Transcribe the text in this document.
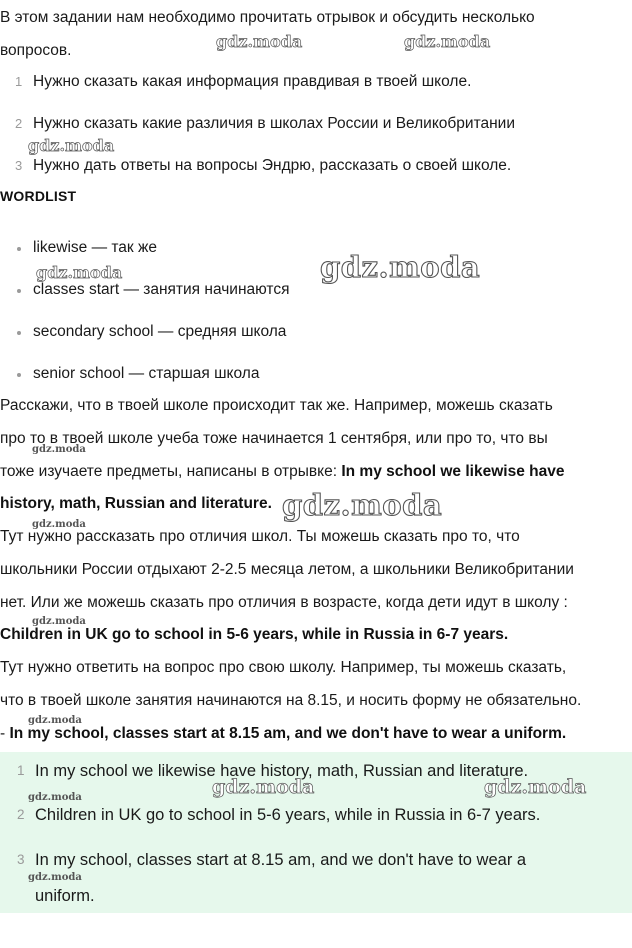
В этом задании нам необходимо прочитать отрывок и обсудить несколько

вопросов.

1 Нужно сказать какая информация правдивая в твоей школе.
2 Нужно сказать какие различия в школах России и Великобритании
3 Нужно дать ответы на вопросы Эндрю, рассказать о своей школе.
WORDLIST
likewise — так же
classes start — занятия начинаются
secondary school — средняя школа
senior school — старшая школа

Расскажи, что в твоей школе происходит так же. Например, можешь сказать

про то в твоей школе учеба тоже начинается 1 сентября, или про то, что вы

тоже изучаете предметы, написаны в отрывке: In my school we likewise have

history, math, Russian and literature.

Тут нужно рассказать про отличия школ. Ты можешь сказать про то, что

школьники России отдыхают 2-2.5 месяца летом, а школьники Великобритании

нет. Или же можешь сказать про отличия в возрасте, когда дети идут в школу :

Children in UK go to school in 5-6 years, while in Russia in 6-7 years.

Тут нужно ответить на вопрос про свою школу. Например, ты можешь сказать,

что в твоей школе занятия начинаются на 8.15, и носить форму не обязательно.

- In my school, classes start at 8.15 am, and we don't have to wear a uniform.

1 In my school we likewise have history, math, Russian and literature.
2 Children in UK go to school in 5-6 years, while in Russia in 6-7 years.
3 In my school, classes start at 8.15 am, and we don't have to wear a
uniform.
gdz.moda	gdz.moda
gdz.moda
gdz.moda	gdz.moda
gdz.moda
gdz.moda
gdz.moda
gdz.moda
gdz.moda
gdz.moda	gdz.moda
gdz.moda
gdz.moda
